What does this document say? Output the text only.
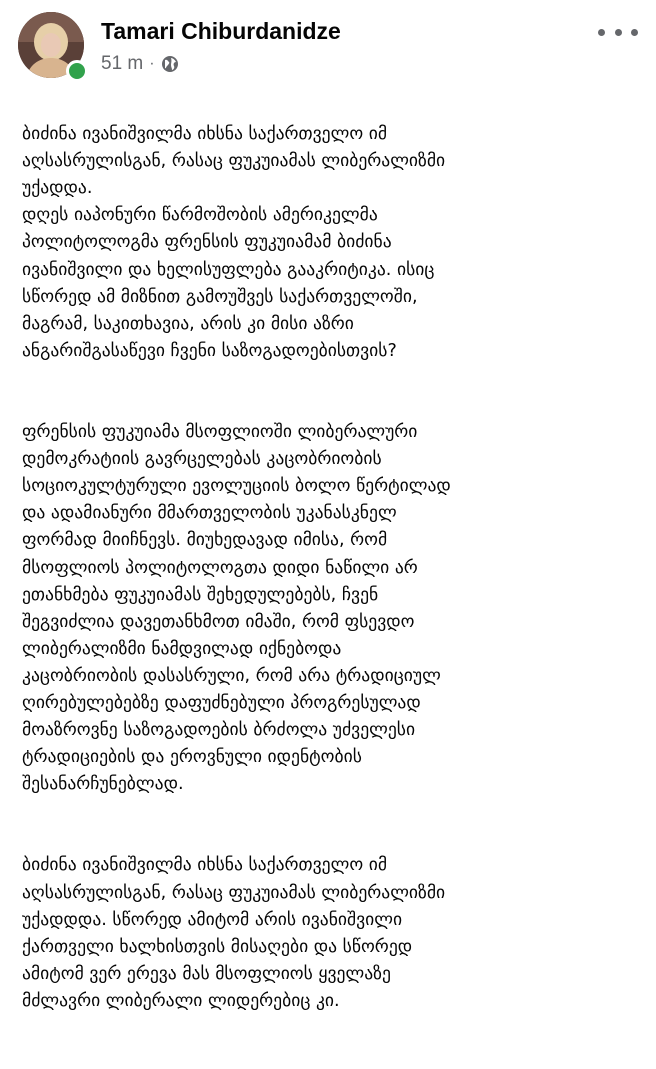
Tamari Chiburdanidze
51 m ·

ბიძინა ივანიშვილმა იხსნა საქართველო იმ
აღსასრულისგან, რასაც ფუკუიამას ლიბერალიზმი
უქადდა.
დღეს იაპონური წარმოშობის ამერიკელმა
პოლიტოლოგმა ფრენსის ფუკუიამამ ბიძინა
ივანიშვილი და ხელისუფლება გააკრიტიკა. ისიც
სწორედ ამ მიზნით გამოუშვეს საქართველოში,
მაგრამ, საკითხავია, არის კი მისი აზრი
ანგარიშგასაწევი ჩვენი საზოგადოებისთვის?

ფრენსის ფუკუიამა მსოფლიოში ლიბერალური
დემოკრატიის გავრცელებას კაცობრიობის
სოციოკულტურული ევოლუციის ბოლო წერტილად
და ადამიანური მმართველობის უკანასკნელ
ფორმად მიიჩნევს. მიუხედავად იმისა, რომ
მსოფლიოს პოლიტოლოგთა დიდი ნაწილი არ
ეთანხმება ფუკუიამას შეხედულებებს, ჩვენ
შეგვიძლია დავეთანხმოთ იმაში, რომ ფსევდო
ლიბერალიზმი ნამდვილად იქნებოდა
კაცობრიობის დასასრული, რომ არა ტრადიციულ
ღირებულებებზე დაფუძნებული პროგრესულად
მოაზროვნე საზოგადოების ბრძოლა უძველესი
ტრადიციების და ეროვნული იდენტობის
შესანარჩუნებლად.

ბიძინა ივანიშვილმა იხსნა საქართველო იმ
აღსასრულისგან, რასაც ფუკუიამას ლიბერალიზმი
უქადდდა. სწორედ ამიტომ არის ივანიშვილი
ქართველი ხალხისთვის მისაღები და სწორედ
ამიტომ ვერ ერევა მას მსოფლიოს ყველაზე
მძლავრი ლიბერალი ლიდერებიც კი.
